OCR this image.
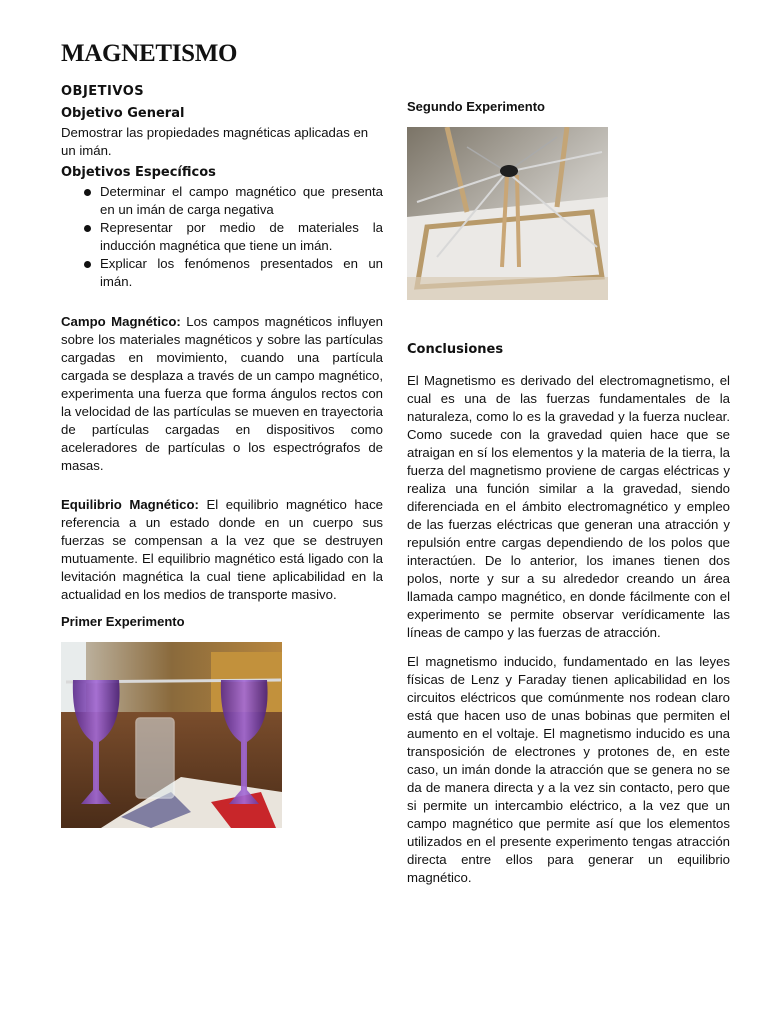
MAGNETISMO
OBJETIVOS
Objetivo General

Demostrar las propiedades magnéticas aplicadas en un imán.

Objetivos Específicos
Determinar el campo magnético que presenta en un imán de carga negativa
Representar por medio de materiales la inducción magnética que tiene un imán.
Explicar los fenómenos presentados en un imán.

Campo Magnético: Los campos magnéticos influyen sobre los materiales magnéticos y sobre las partículas cargadas en movimiento, cuando una partícula cargada se desplaza a través de un campo magnético, experimenta una fuerza que forma ángulos rectos con la velocidad de las partículas se mueven en trayectoria de partículas cargadas en dispositivos como aceleradores de partículas o los espectrógrafos de masas.

Equilibrio Magnético: El equilibrio magnético hace referencia a un estado donde en un cuerpo sus fuerzas se compensan a la vez que se destruyen mutuamente. El equilibrio magnético está ligado con la levitación magnética la cual tiene aplicabilidad en la actualidad en los medios de transporte masivo.

Primer Experimento
Segundo Experimento
Conclusiones

El Magnetismo es derivado del electromagnetismo, el cual es una de las fuerzas fundamentales de la naturaleza, como lo es la gravedad y la fuerza nuclear. Como sucede con la gravedad quien hace que se atraigan en sí los elementos y la materia de la tierra, la fuerza del magnetismo proviene de cargas eléctricas y realiza una función similar a la gravedad, siendo diferenciada en el ámbito electromagnético y empleo de las fuerzas eléctricas que generan una atracción y repulsión entre cargas dependiendo de los polos que interactúen. De lo anterior, los imanes tienen dos polos, norte y sur a su alrededor creando un área llamada campo magnético, en donde fácilmente con el experimento se permite observar verídicamente las líneas de campo y las fuerzas de atracción.

El magnetismo inducido, fundamentado en las leyes físicas de Lenz y Faraday tienen aplicabilidad en los circuitos eléctricos que comúnmente nos rodean claro está que hacen uso de unas bobinas que permiten el aumento en el voltaje. El magnetismo inducido es una transposición de electrones y protones de, en este caso, un imán donde la atracción que se genera no se da de manera directa y a la vez sin contacto, pero que si permite un intercambio eléctrico, a la vez que un campo magnético que permite así que los elementos utilizados en el presente experimento tengas atracción directa entre ellos para generar un equilibrio magnético.
